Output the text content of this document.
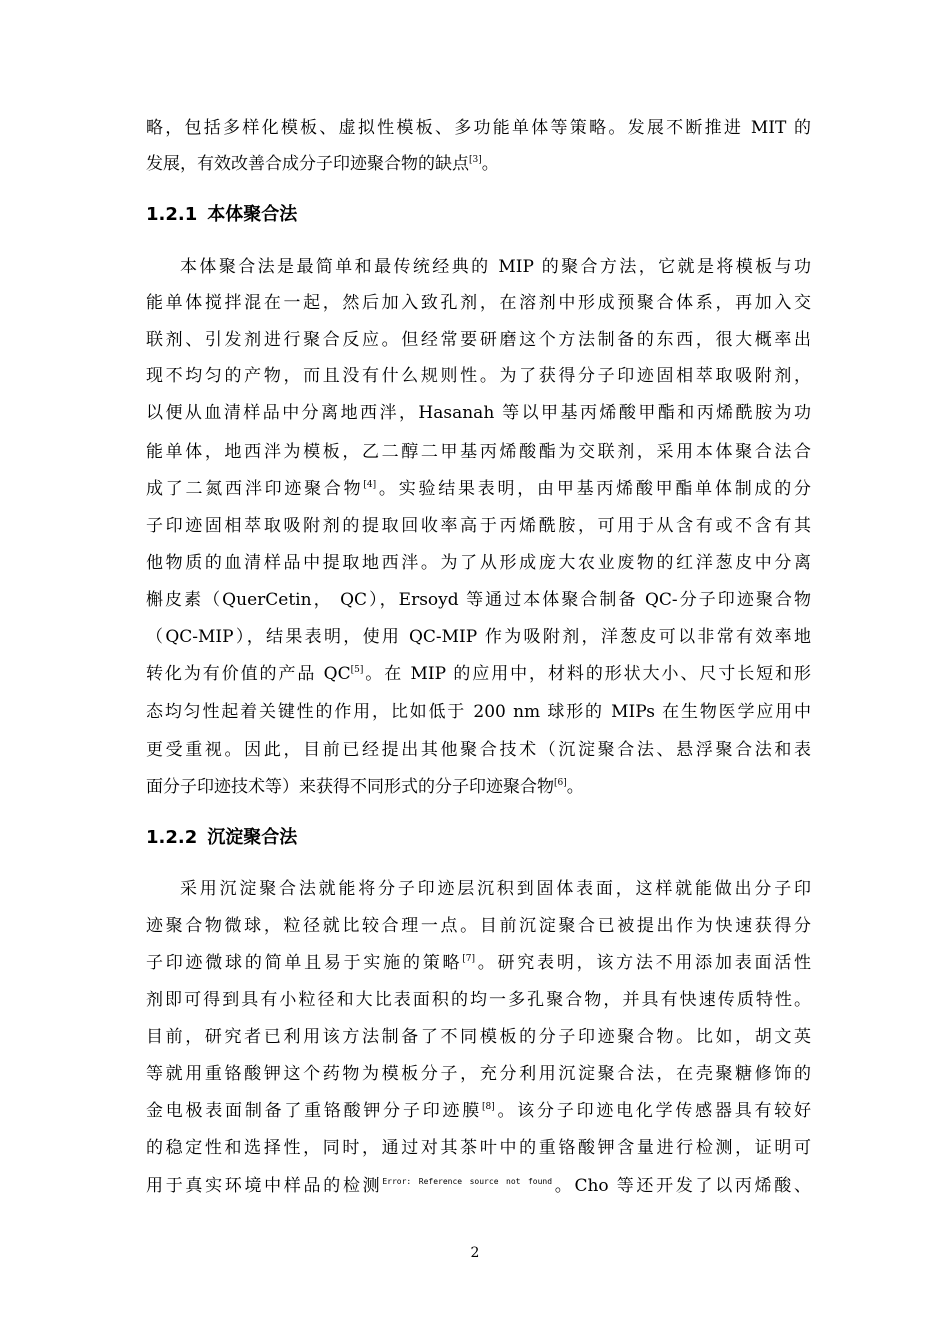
略，包括多样化模板、虚拟性模板、多功能单体等策略。发展不断推进 MIT 的
发展，有效改善合成分子印迹聚合物的缺点[3]。
1.2.1 本体聚合法
本体聚合法是最简单和最传统经典的 MIP 的聚合方法，它就是将模板与功
能单体搅拌混在一起，然后加入致孔剂，在溶剂中形成预聚合体系，再加入交
联剂、引发剂进行聚合反应。但经常要研磨这个方法制备的东西，很大概率出
现不均匀的产物，而且没有什么规则性。为了获得分子印迹固相萃取吸附剂，
以便从血清样品中分离地西泮，Hasanah 等以甲基丙烯酸甲酯和丙烯酰胺为功
能单体，地西泮为模板，乙二醇二甲基丙烯酸酯为交联剂，采用本体聚合法合
成了二氮西泮印迹聚合物[4]。实验结果表明，由甲基丙烯酸甲酯单体制成的分
子印迹固相萃取吸附剂的提取回收率高于丙烯酰胺，可用于从含有或不含有其
他物质的血清样品中提取地西泮。为了从形成庞大农业废物的红洋葱皮中分离
槲皮素（QuerCetin， QC），Ersoyd 等通过本体聚合制备 QC-分子印迹聚合物
（QC-MIP），结果表明，使用 QC-MIP 作为吸附剂，洋葱皮可以非常有效率地
转化为有价值的产品 QC[5]。在 MIP 的应用中，材料的形状大小、尺寸长短和形
态均匀性起着关键性的作用，比如低于 200 nm 球形的 MIPs 在生物医学应用中
更受重视。因此，目前已经提出其他聚合技术（沉淀聚合法、悬浮聚合法和表
面分子印迹技术等）来获得不同形式的分子印迹聚合物[6]。
1.2.2 沉淀聚合法
采用沉淀聚合法就能将分子印迹层沉积到固体表面，这样就能做出分子印
迹聚合物微球，粒径就比较合理一点。目前沉淀聚合已被提出作为快速获得分
子印迹微球的简单且易于实施的策略[7]。研究表明，该方法不用添加表面活性
剂即可得到具有小粒径和大比表面积的均一多孔聚合物，并具有快速传质特性。
目前，研究者已利用该方法制备了不同模板的分子印迹聚合物。比如，胡文英
等就用重铬酸钾这个药物为模板分子，充分利用沉淀聚合法，在壳聚糖修饰的
金电极表面制备了重铬酸钾分子印迹膜[8]。该分子印迹电化学传感器具有较好
的稳定性和选择性，同时，通过对其茶叶中的重铬酸钾含量进行检测，证明可
用于真实环境中样品的检测$^{Error: Reference source not found}$。Cho 等还开发了以丙烯酸、
2
